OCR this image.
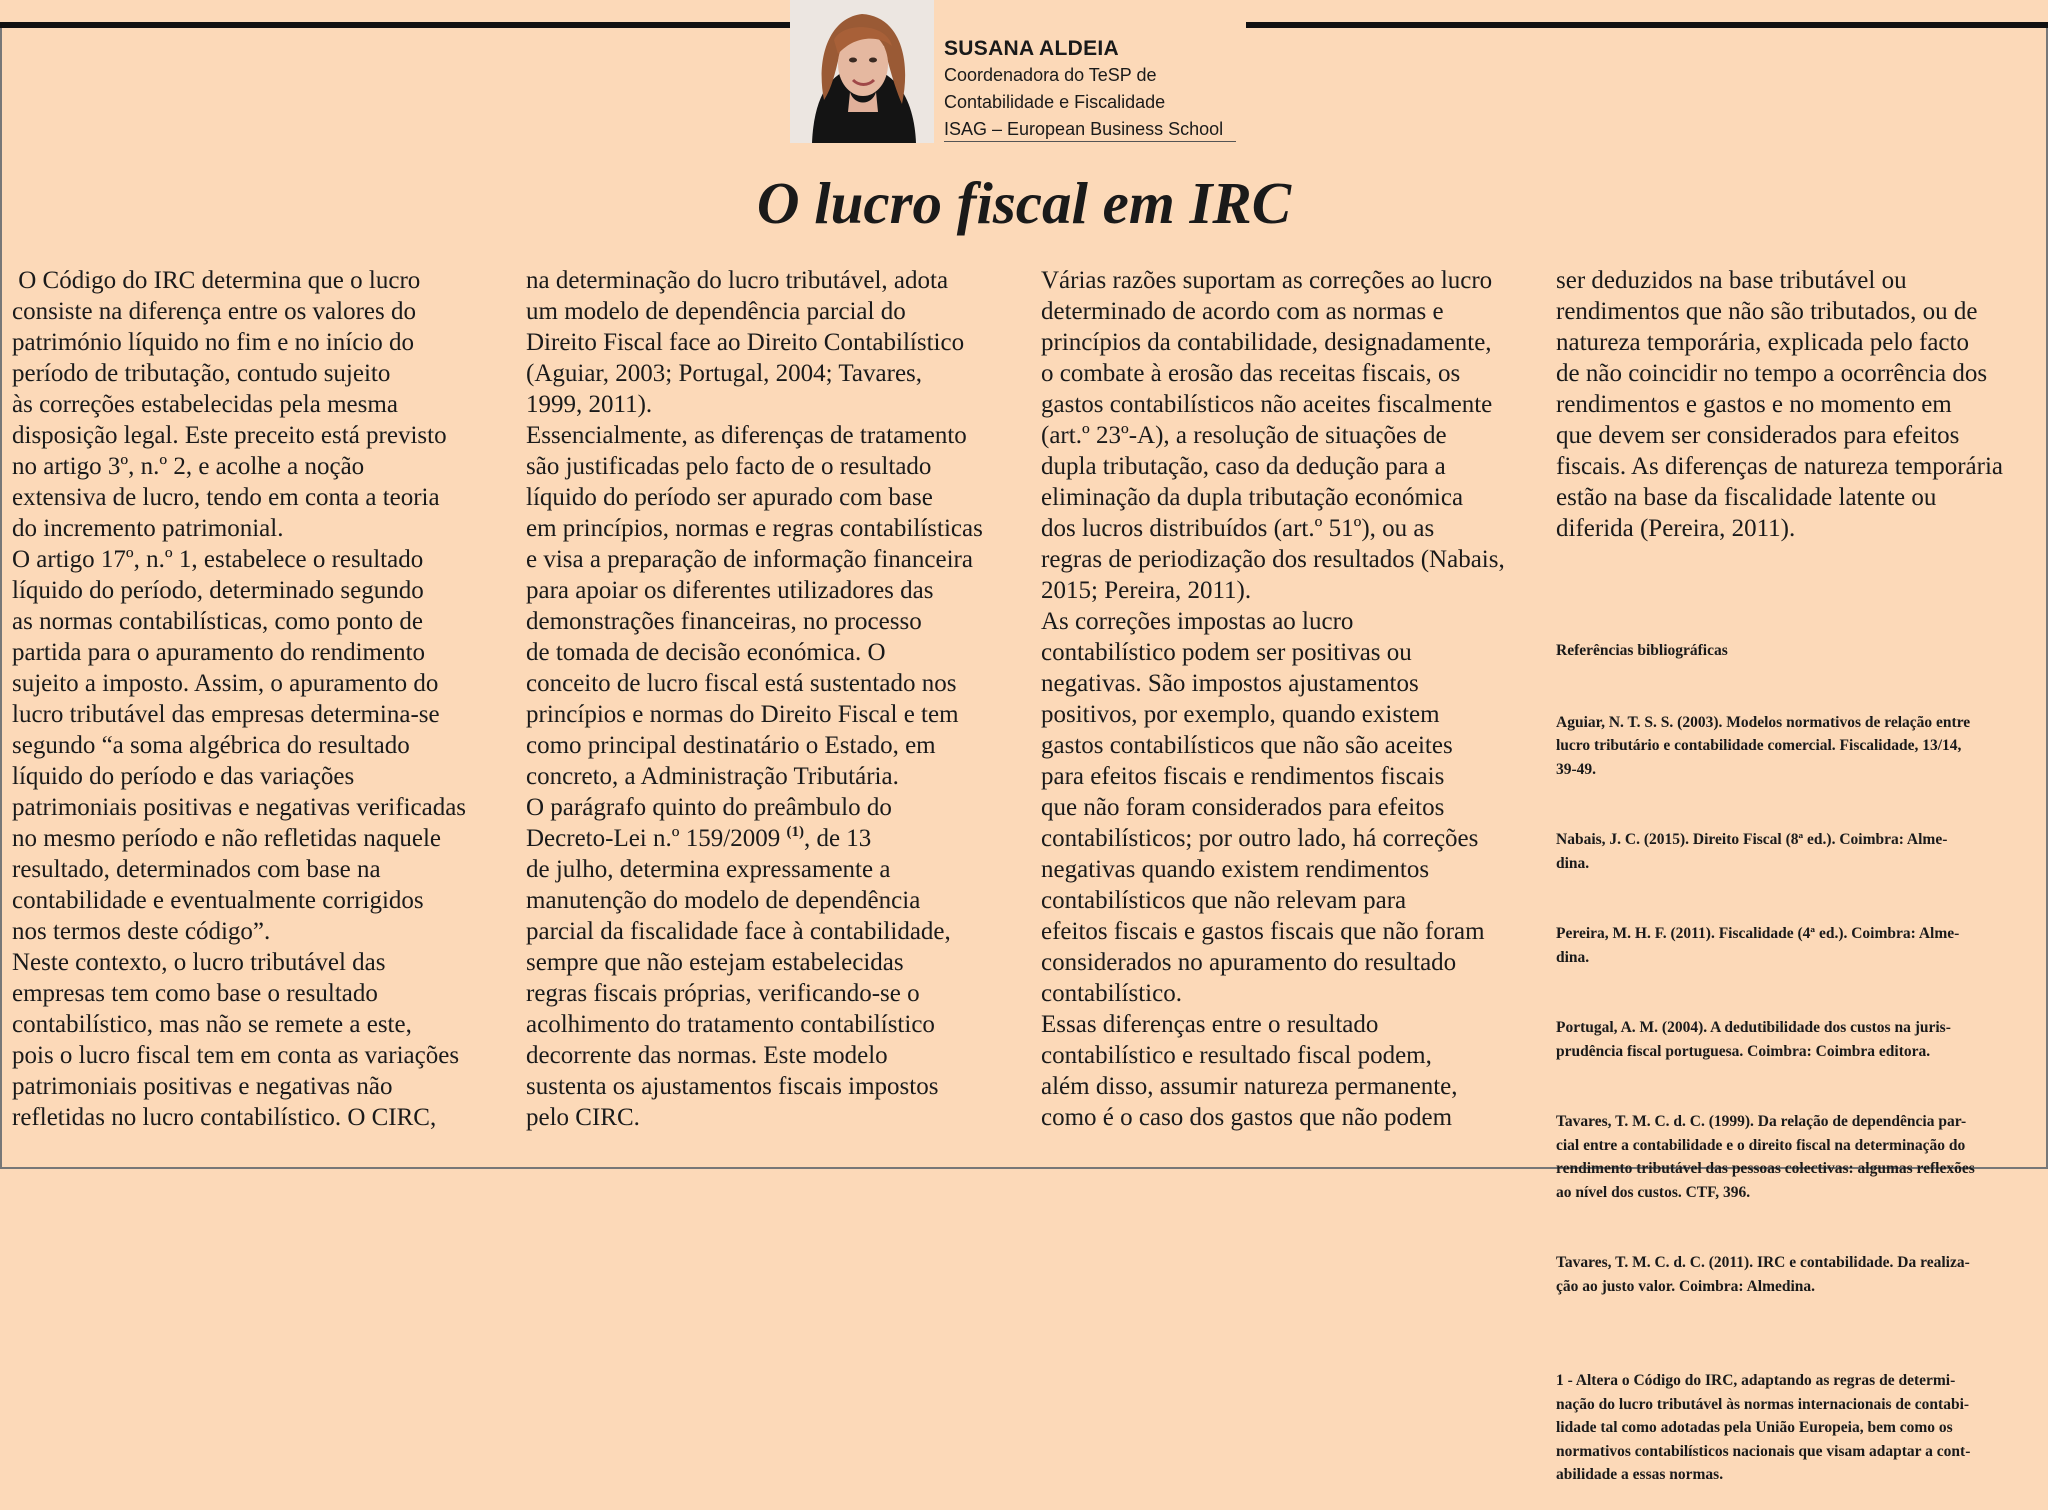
SUSANA ALDEIA
Coordenadora do TeSP de
Contabilidade e Fiscalidade
ISAG – European Business School
O lucro fiscal em IRC
O Código do IRC determina que o lucro
consiste na diferença entre os valores do
património líquido no fim e no início do
período de tributação, contudo sujeito
às correções estabelecidas pela mesma
disposição legal. Este preceito está previsto
no artigo 3º, n.º 2, e acolhe a noção
extensiva de lucro, tendo em conta a teoria
do incremento patrimonial.
O artigo 17º, n.º 1, estabelece o resultado
líquido do período, determinado segundo
as normas contabilísticas, como ponto de
partida para o apuramento do rendimento
sujeito a imposto. Assim, o apuramento do
lucro tributável das empresas determina-se
segundo “a soma algébrica do resultado
líquido do período e das variações
patrimoniais positivas e negativas verificadas
no mesmo período e não refletidas naquele
resultado, determinados com base na
contabilidade e eventualmente corrigidos
nos termos deste código”.
Neste contexto, o lucro tributável das
empresas tem como base o resultado
contabilístico, mas não se remete a este,
pois o lucro fiscal tem em conta as variações
patrimoniais positivas e negativas não
refletidas no lucro contabilístico. O CIRC,
na determinação do lucro tributável, adota
um modelo de dependência parcial do
Direito Fiscal face ao Direito Contabilístico
(Aguiar, 2003; Portugal, 2004; Tavares,
1999, 2011).
Essencialmente, as diferenças de tratamento
são justificadas pelo facto de o resultado
líquido do período ser apurado com base
em princípios, normas e regras contabilísticas
e visa a preparação de informação financeira
para apoiar os diferentes utilizadores das
demonstrações financeiras, no processo
de tomada de decisão económica. O
conceito de lucro fiscal está sustentado nos
princípios e normas do Direito Fiscal e tem
como principal destinatário o Estado, em
concreto, a Administração Tributária.
O parágrafo quinto do preâmbulo do
Decreto-Lei n.º 159/2009 $^{(1)}$, de 13
de julho, determina expressamente a
manutenção do modelo de dependência
parcial da fiscalidade face à contabilidade,
sempre que não estejam estabelecidas
regras fiscais próprias, verificando-se o
acolhimento do tratamento contabilístico
decorrente das normas. Este modelo
sustenta os ajustamentos fiscais impostos
pelo CIRC.
Várias razões suportam as correções ao lucro
determinado de acordo com as normas e
princípios da contabilidade, designadamente,
o combate à erosão das receitas fiscais, os
gastos contabilísticos não aceites fiscalmente
(art.º 23º-A), a resolução de situações de
dupla tributação, caso da dedução para a
eliminação da dupla tributação económica
dos lucros distribuídos (art.º 51º), ou as
regras de periodização dos resultados (Nabais,
2015; Pereira, 2011).
As correções impostas ao lucro
contabilístico podem ser positivas ou
negativas. São impostos ajustamentos
positivos, por exemplo, quando existem
gastos contabilísticos que não são aceites
para efeitos fiscais e rendimentos fiscais
que não foram considerados para efeitos
contabilísticos; por outro lado, há correções
negativas quando existem rendimentos
contabilísticos que não relevam para
efeitos fiscais e gastos fiscais que não foram
considerados no apuramento do resultado
contabilístico.
Essas diferenças entre o resultado
contabilístico e resultado fiscal podem,
além disso, assumir natureza permanente,
como é o caso dos gastos que não podem
ser deduzidos na base tributável ou
rendimentos que não são tributados, ou de
natureza temporária, explicada pelo facto
de não coincidir no tempo a ocorrência dos
rendimentos e gastos e no momento em
que devem ser considerados para efeitos
fiscais. As diferenças de natureza temporária
estão na base da fiscalidade latente ou
diferida (Pereira, 2011).

Referências bibliográficas

Aguiar, N. T. S. S. (2003). Modelos normativos de relação entre
lucro tributário e contabilidade comercial. Fiscalidade, 13/14,
39-49.

Nabais, J. C. (2015). Direito Fiscal (8ª ed.). Coimbra: Alme-
dina.

Pereira, M. H. F. (2011). Fiscalidade (4ª ed.). Coimbra: Alme-
dina.

Portugal, A. M. (2004). A dedutibilidade dos custos na juris-
prudência fiscal portuguesa. Coimbra: Coimbra editora.

Tavares, T. M. C. d. C. (1999). Da relação de dependência par-
cial entre a contabilidade e o direito fiscal na determinação do
rendimento tributável das pessoas colectivas: algumas reflexões
ao nível dos custos. CTF, 396.

Tavares, T. M. C. d. C. (2011). IRC e contabilidade. Da realiza-
ção ao justo valor. Coimbra: Almedina.

1 - Altera o Código do IRC, adaptando as regras de determi-
nação do lucro tributável às normas internacionais de contabi-
lidade tal como adotadas pela União Europeia, bem como os
normativos contabilísticos nacionais que visam adaptar a cont-
abilidade a essas normas.
